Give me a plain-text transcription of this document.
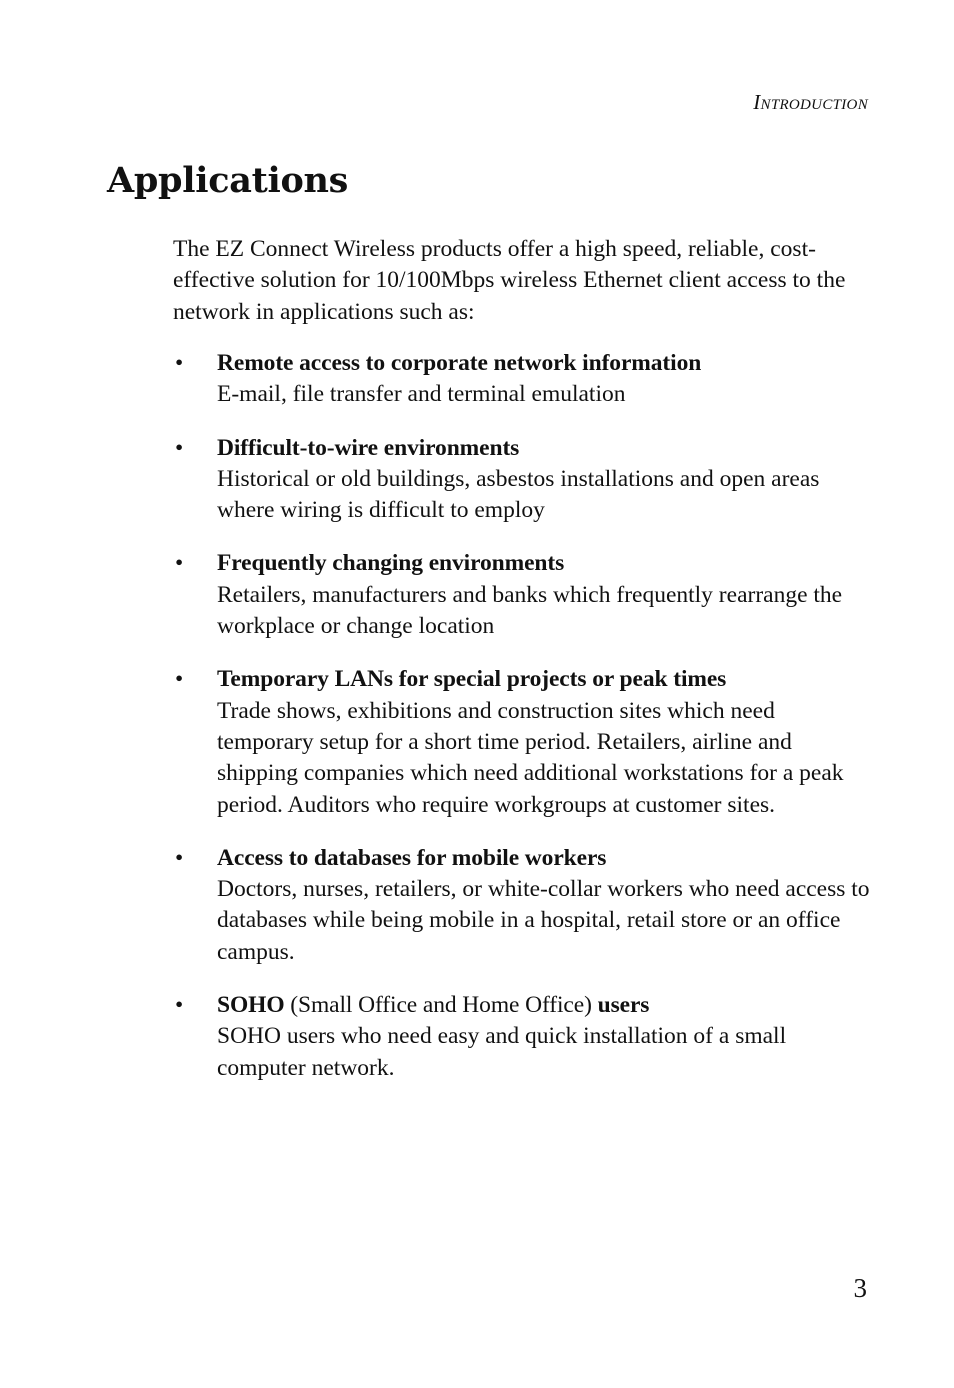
Introduction
Applications

The EZ Connect Wireless products offer a high speed, reliable, cost-effective solution for 10/100Mbps wireless Ethernet client access to the network in applications such as:

• Remote access to corporate network information
E-mail, file transfer and terminal emulation
• Difficult-to-wire environments
Historical or old buildings, asbestos installations and open areas where wiring is difficult to employ
• Frequently changing environments
Retailers, manufacturers and banks which frequently rearrange the workplace or change location
• Temporary LANs for special projects or peak times
Trade shows, exhibitions and construction sites which need temporary setup for a short time period. Retailers, airline and shipping companies which need additional workstations for a peak period. Auditors who require workgroups at customer sites.
• Access to databases for mobile workers
Doctors, nurses, retailers, or white-collar workers who need access to databases while being mobile in a hospital, retail store or an office campus.
• SOHO (Small Office and Home Office) users
SOHO users who need easy and quick installation of a small computer network.
3
